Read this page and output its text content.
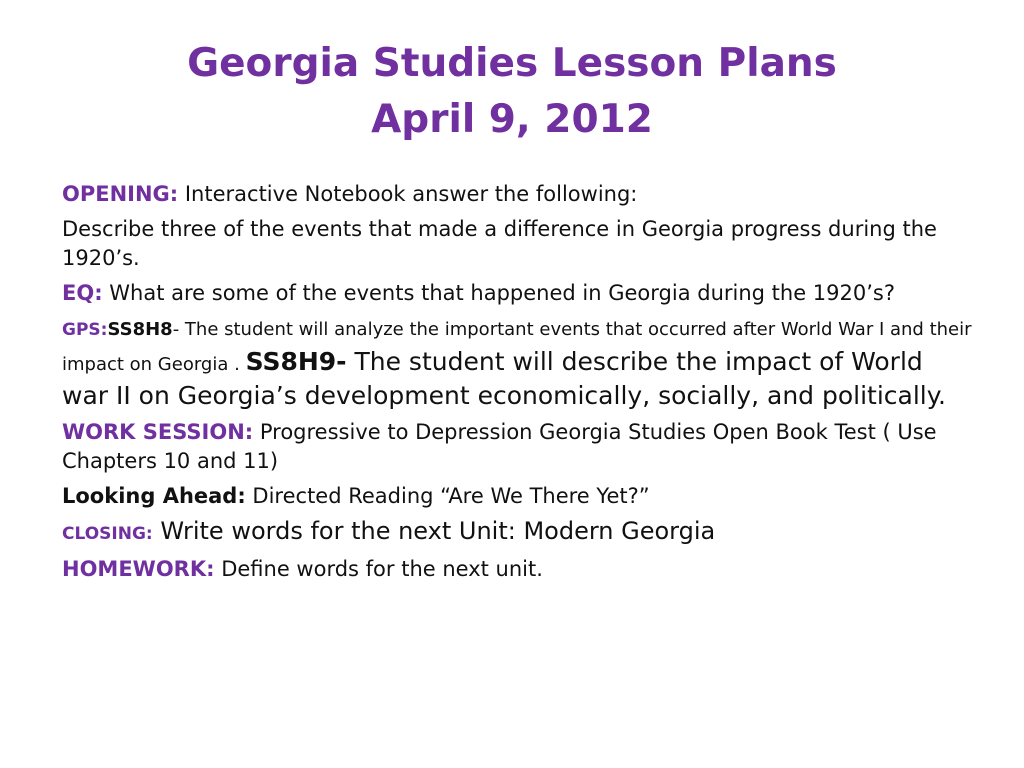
Georgia Studies Lesson Plans
April 9, 2012

OPENING: Interactive Notebook answer the following:

Describe three of the events that made a difference in Georgia progress during the 1920’s.

EQ: What are some of the events that happened in Georgia during the 1920’s?

GPS:SS8H8- The student will analyze the important events that occurred after World War I and their impact on Georgia . SS8H9- The student will describe the impact of World war II on Georgia’s development economically, socially, and politically.

WORK SESSION: Progressive to Depression Georgia Studies Open Book Test ( Use Chapters 10 and 11)

Looking Ahead: Directed Reading “Are We There Yet?”

CLOSING: Write words for the next Unit: Modern Georgia

HOMEWORK: Define words for the next unit.
